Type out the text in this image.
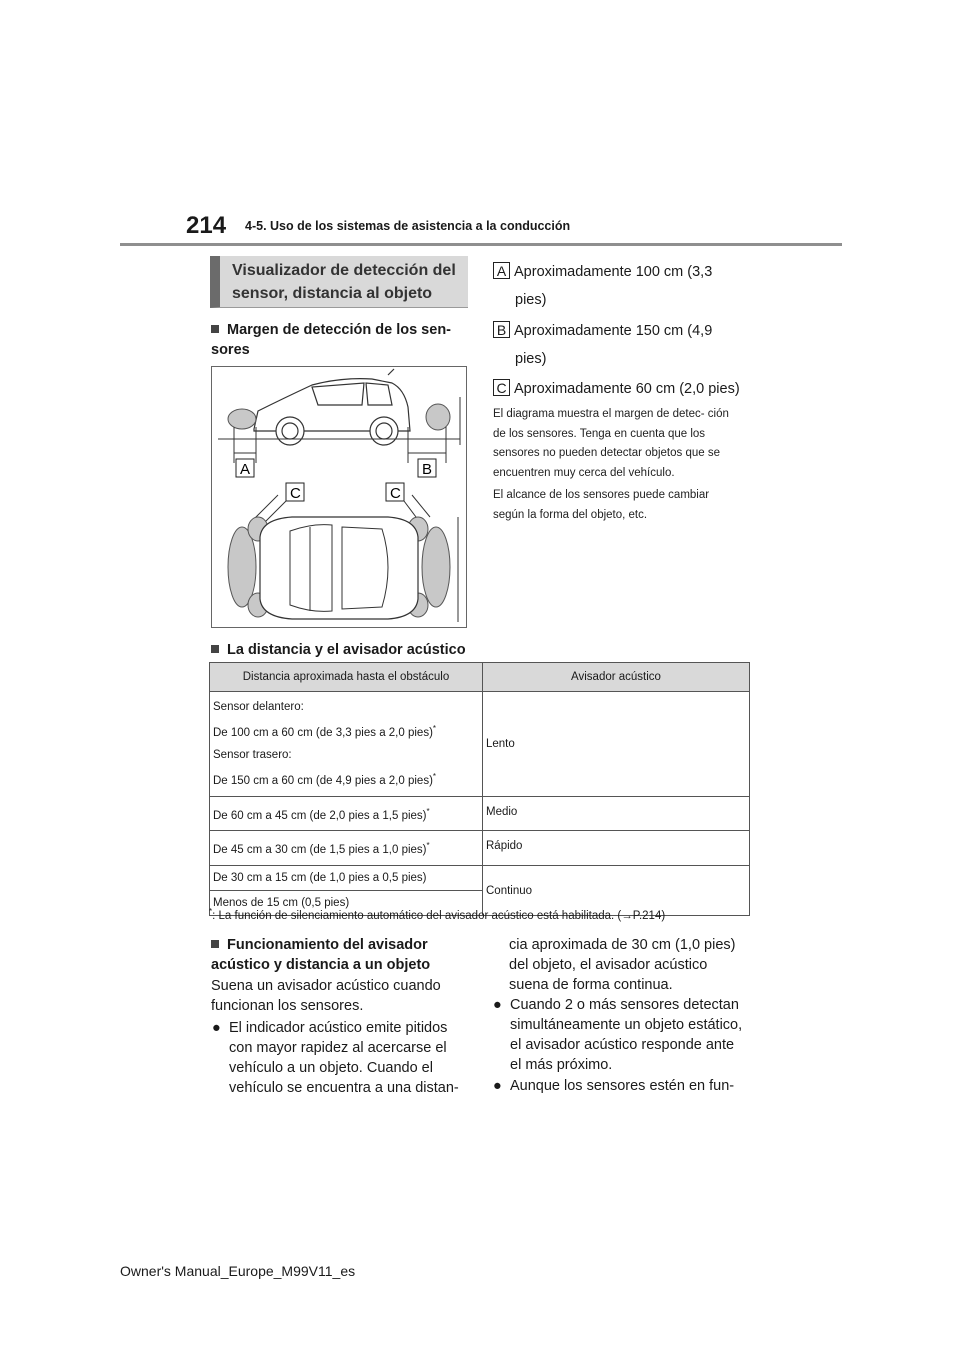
214 4-5. Uso de los sistemas de asistencia a la conducción
Visualizador de detección del sensor, distancia al objeto
Margen de detección de los sen- sores
A	B
C	C
A Aproximadamente 100 cm (3,3
pies)
B Aproximadamente 150 cm (4,9
pies)
C Aproximadamente 60 cm (2,0 pies)
El diagrama muestra el margen de detec- ción de los sensores. Tenga en cuenta que los sensores no pueden detectar objetos que se encuentren muy cerca del vehículo.
El alcance de los sensores puede cambiar según la forma del objeto, etc.
La distancia y el avisador acústico
Distancia aproximada hasta el obstáculo	Avisador acústico

Sensor delantero:
De 100 cm a 60 cm (de 3,3 pies a 2,0 pies)*
Sensor trasero:
De 150 cm a 60 cm (de 4,9 pies a 2,0 pies)*	Lento
De 60 cm a 45 cm (de 2,0 pies a 1,5 pies)*	Medio
De 45 cm a 30 cm (de 1,5 pies a 1,0 pies)*	Rápido
De 30 cm a 15 cm (de 1,0 pies a 0,5 pies)	Continuo
Menos de 15 cm (0,5 pies)	
*: La función de silenciamiento automático del avisador acústico está habilitada. (→P.214)
Funcionamiento del avisador acústico y distancia a un objeto
Suena un avisador acústico cuando funcionan los sensores.
● El indicador acústico emite pitidos con mayor rapidez al acercarse el vehículo a un objeto. Cuando el vehículo se encuentra a una distan-
cia aproximada de 30 cm (1,0 pies) del objeto, el avisador acústico suena de forma continua.
● Cuando 2 o más sensores detectan simultáneamente un objeto estático, el avisador acústico responde ante el más próximo.
● Aunque los sensores estén en fun-
Owner's Manual_Europe_M99V11_es
